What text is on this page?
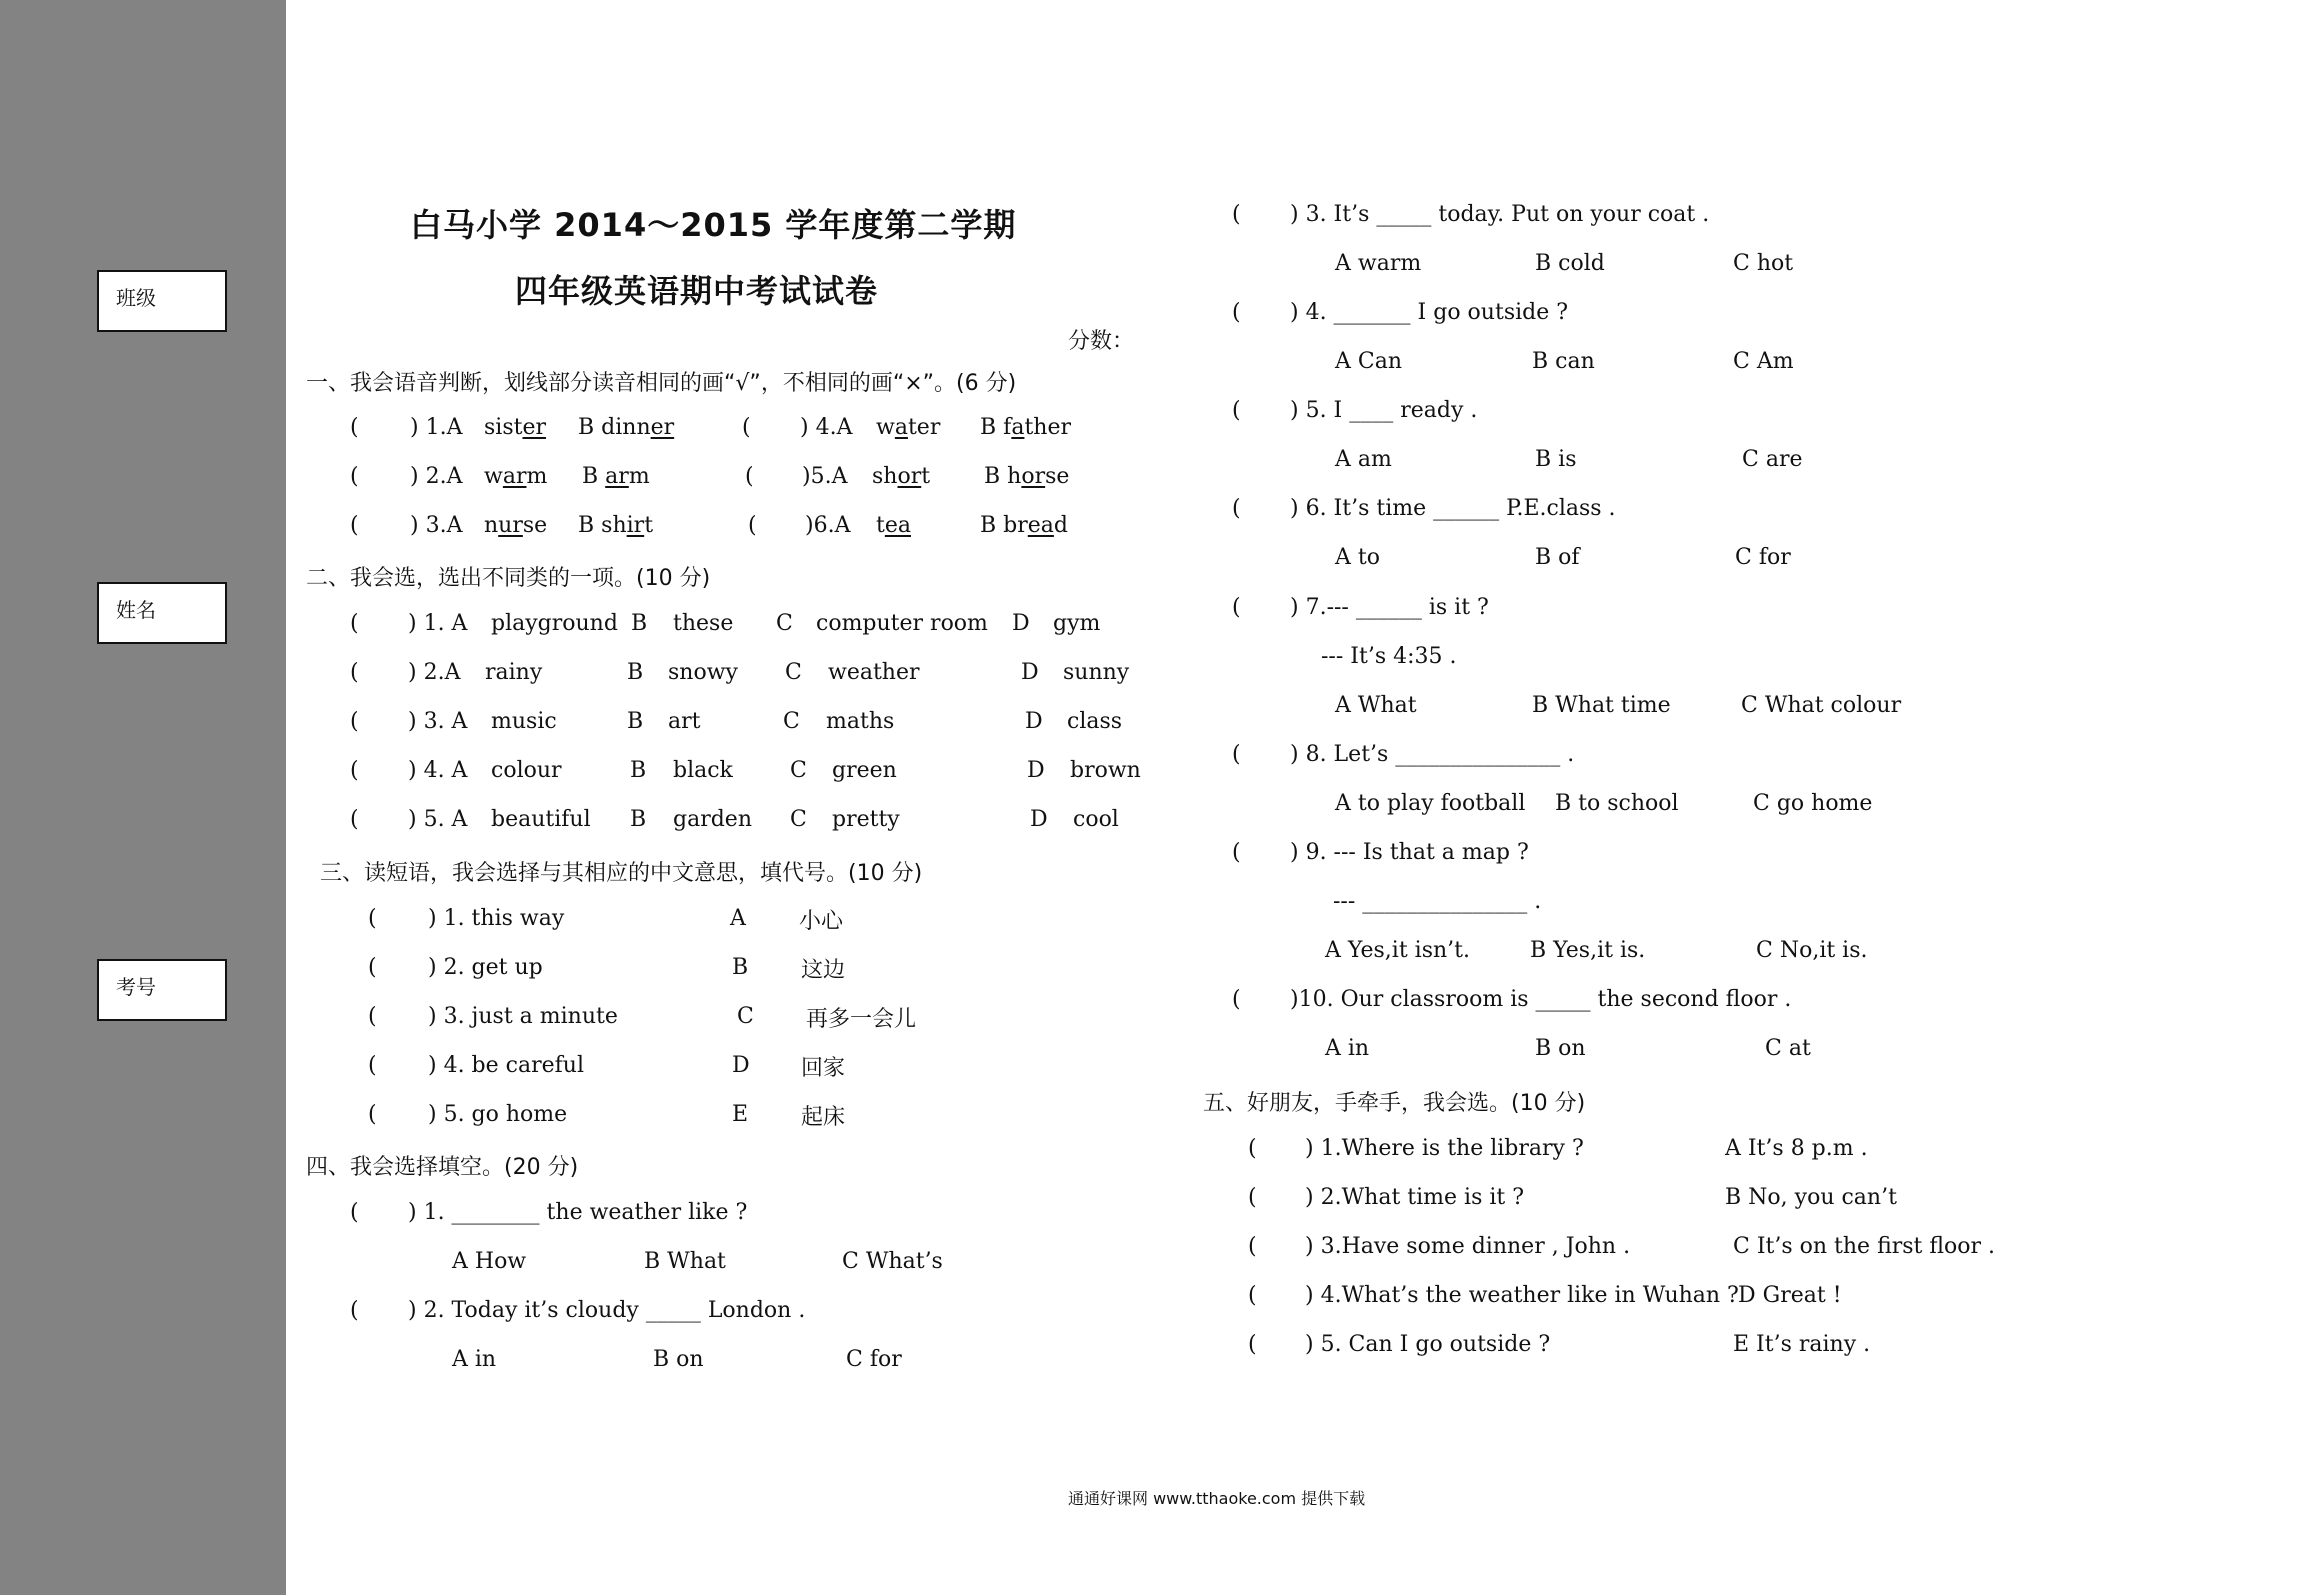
班级
姓名
考号
白马小学 2014～2015 学年度第二学期
四年级英语期中考试试卷
分数：
一、我会语音判断，划线部分读音相同的画“√”，不相同的画“×”。(6 分)
( ) 1.A sister	B dinner
( ) 2.A warm B arm
( ) 3.A nurse B shirt
( ) 4.A water B father
( )5.A short B horse
( )6.A tea	B bread
二、我会选，选出不同类的一项。(10 分)
( ) 1. A playground B these C computer room D gym
( ) 2.A rainy	B snowy C weather	D sunny
( ) 3. A music	B art	C maths	D class
( ) 4. A colour	B black	C green	D brown
( ) 5. A beautiful B garden C pretty	D cool
三、读短语，我会选择与其相应的中文意思，填代号。(10 分)
( ) 1. this way	A 小心
( ) 2. get up	B 这边
( ) 3. just a minute	C 再多一会儿
( ) 4. be careful	D 回家
( ) 5. go home	E 起床
四、我会选择填空。(20 分)
( ) 1. ________ the weather like ?
A How	B What	C What’s
( ) 2. Today it’s cloudy _____ London .
A in	B on	C for
( ) 3. It’s _____ today. Put on your coat .
A warm	B cold	C hot
( ) 4. _______ I go outside ?
A Can	B can	C Am
( ) 5. I ____ ready .
A am	B is	C are
( ) 6. It’s time ______ P.E.class .
A to	B of	C for
( ) 7.--- ______ is it ?
--- It’s 4:35 .
A What	B What time	C What colour
( ) 8. Let’s _______________ .
A to play football B to school	C go home
( ) 9. --- Is that a map ?
--- _______________ .
A Yes,it isn’t.	B Yes,it is.	C No,it is.
( )10. Our classroom is _____ the second floor .
A in	B on	C at
五、好朋友，手牵手，我会选。(10 分)
( ) 1.Where is the library ?	A It’s 8 p.m .
( ) 2.What time is it ?	B No, you can’t
( ) 3.Have some dinner , John .	C It’s on the first floor .
( ) 4.What’s the weather like in Wuhan ? D Great !
( ) 5. Can I go outside ?	E It’s rainy .
通通好课网 www.tthaoke.com 提供下载
